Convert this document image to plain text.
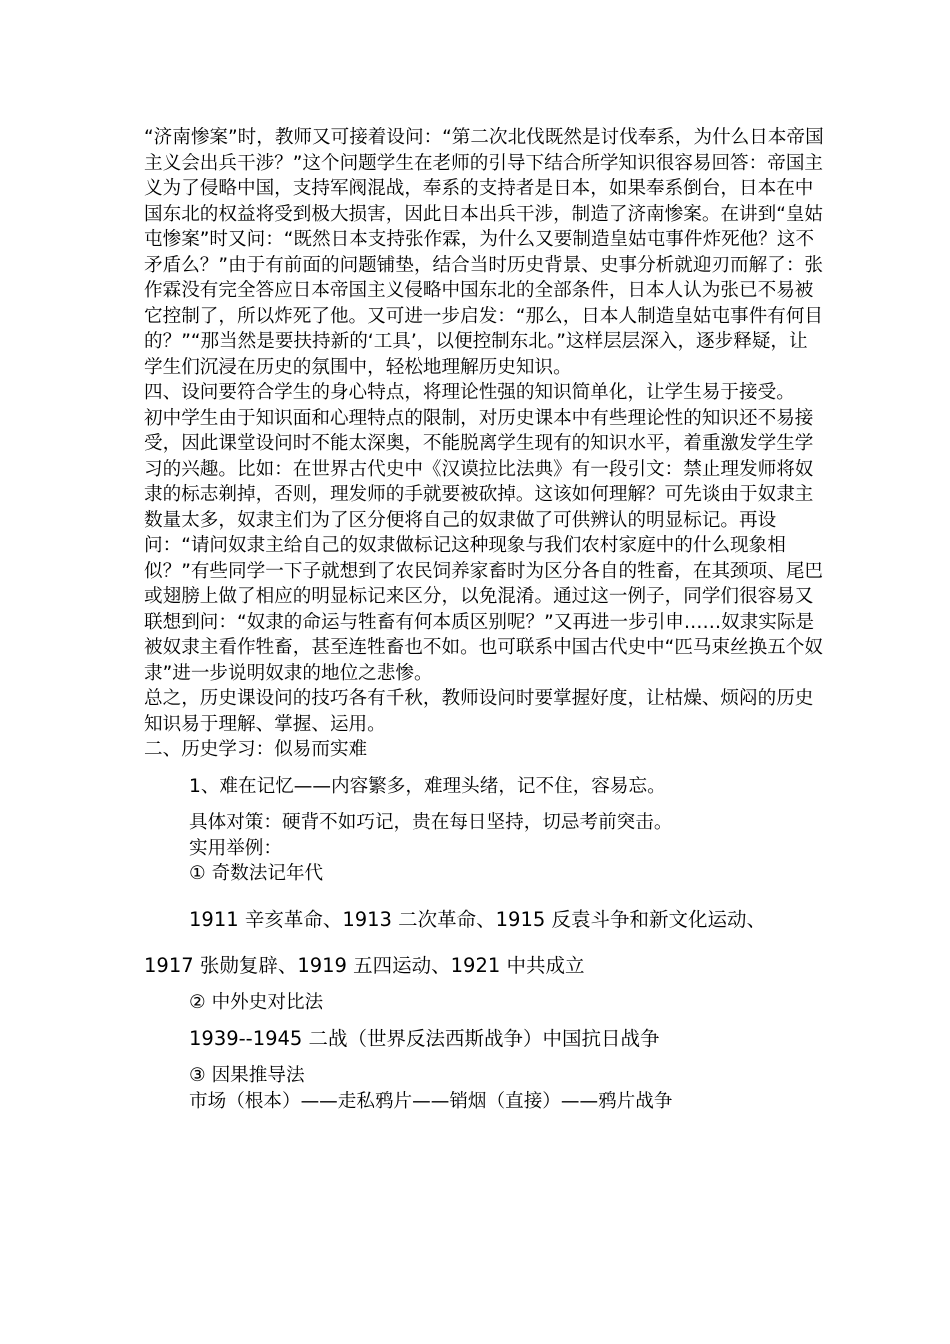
“济南惨案”时，教师又可接着设问：“第二次北伐既然是讨伐奉系，为什么日本帝国主义会出兵干涉？”这个问题学生在老师的引导下结合所学知识很容易回答：帝国主义为了侵略中国，支持军阀混战，奉系的支持者是日本，如果奉系倒台，日本在中国东北的权益将受到极大损害，因此日本出兵干涉，制造了济南惨案。在讲到“皇姑屯惨案”时又问：“既然日本支持张作霖，为什么又要制造皇姑屯事件炸死他？这不矛盾么？”由于有前面的问题铺垫，结合当时历史背景、史事分析就迎刃而解了：张作霖没有完全答应日本帝国主义侵略中国东北的全部条件，日本人认为张已不易被它控制了，所以炸死了他。又可进一步启发：“那么，日本人制造皇姑屯事件有何目的？”“那当然是要扶持新的‘工具’，以便控制东北。”这样层层深入，逐步释疑，让学生们沉浸在历史的氛围中，轻松地理解历史知识。

四、设问要符合学生的身心特点，将理论性强的知识简单化，让学生易于接受。

初中学生由于知识面和心理特点的限制，对历史课本中有些理论性的知识还不易接受，因此课堂设问时不能太深奥，不能脱离学生现有的知识水平，着重激发学生学习的兴趣。比如：在世界古代史中《汉谟拉比法典》有一段引文：禁止理发师将奴隶的标志剃掉，否则，理发师的手就要被砍掉。这该如何理解？可先谈由于奴隶主数量太多，奴隶主们为了区分便将自己的奴隶做了可供辨认的明显标记。再设问：“请问奴隶主给自己的奴隶做标记这种现象与我们农村家庭中的什么现象相似？”有些同学一下子就想到了农民饲养家畜时为区分各自的牲畜，在其颈项、尾巴或翅膀上做了相应的明显标记来区分，以免混淆。通过这一例子，同学们很容易又联想到问：“奴隶的命运与牲畜有何本质区别呢？”又再进一步引申……奴隶实际是被奴隶主看作牲畜，甚至连牲畜也不如。也可联系中国古代史中“匹马束丝换五个奴隶”进一步说明奴隶的地位之悲惨。

总之，历史课设问的技巧各有千秋，教师设问时要掌握好度，让枯燥、烦闷的历史知识易于理解、掌握、运用。

二、历史学习：似易而实难

1、难在记忆——内容繁多，难理头绪，记不住，容易忘。

具体对策：硬背不如巧记，贵在每日坚持，切忌考前突击。

实用举例：

① 奇数法记年代

1911 辛亥革命、1913 二次革命、1915 反袁斗争和新文化运动、

1917 张勋复辟、1919 五四运动、1921 中共成立

② 中外史对比法

1939--1945 二战（世界反法西斯战争）中国抗日战争

③ 因果推导法

市场（根本）——走私鸦片——销烟（直接）——鸦片战争
